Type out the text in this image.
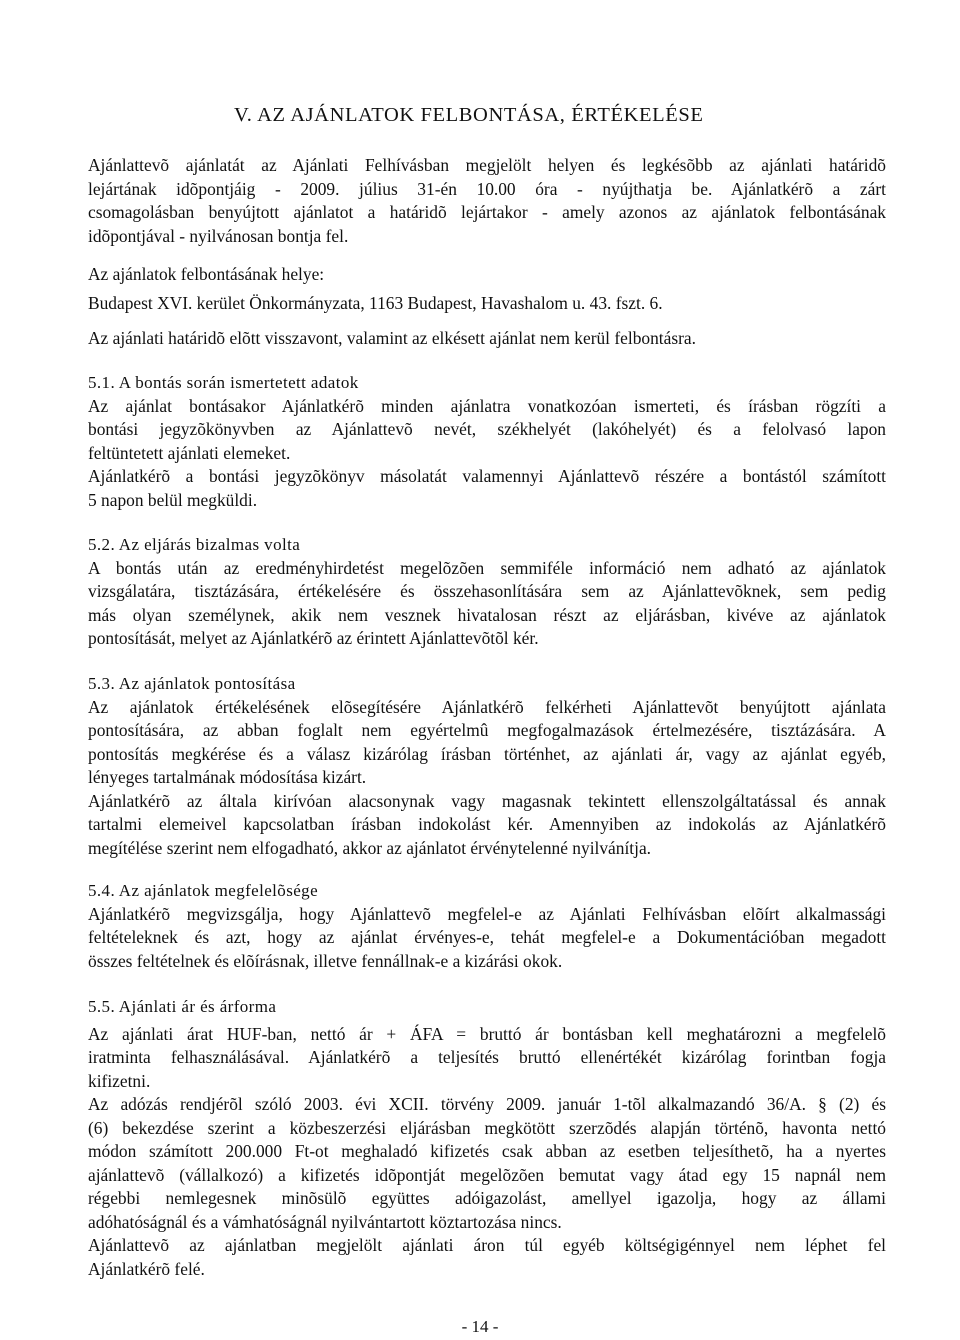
V. AZ AJÁNLATOK FELBONTÁSA, ÉRTÉKELÉSE
Ajánlattevõ ajánlatát az Ajánlati Felhívásban megjelölt helyen és legkésõbb az ajánlati határidõ
lejártának idõpontjáig - 2009. július 31-én 10.00 óra - nyújthatja be. Ajánlatkérõ a zárt
csomagolásban benyújtott ajánlatot a határidõ lejártakor - amely azonos az ajánlatok felbontásának
idõpontjával - nyilvánosan bontja fel.
Az ajánlatok felbontásának helye:
Budapest XVI. kerület Önkormányzata, 1163 Budapest, Havashalom u. 43. fszt. 6.
Az ajánlati határidõ elõtt visszavont, valamint az elkésett ajánlat nem kerül felbontásra.
5.1. A bontás során ismertetett adatok
Az ajánlat bontásakor Ajánlatkérõ minden ajánlatra vonatkozóan ismerteti, és írásban rögzíti a
bontási jegyzõkönyvben az Ajánlattevõ nevét, székhelyét (lakóhelyét) és a felolvasó lapon
feltüntetett ajánlati elemeket.
Ajánlatkérõ a bontási jegyzõkönyv másolatát valamennyi Ajánlattevõ részére a bontástól számított
5 napon belül megküldi.
5.2. Az eljárás bizalmas volta
A bontás után az eredményhirdetést megelõzõen semmiféle információ nem adható az ajánlatok
vizsgálatára, tisztázására, értékelésére és összehasonlítására sem az Ajánlattevõknek, sem pedig
más olyan személynek, akik nem vesznek hivatalosan részt az eljárásban, kivéve az ajánlatok
pontosítását, melyet az Ajánlatkérõ az érintett Ajánlattevõtõl kér.
5.3. Az ajánlatok pontosítása
Az ajánlatok értékelésének elõsegítésére Ajánlatkérõ felkérheti Ajánlattevõt benyújtott ajánlata
pontosítására, az abban foglalt nem egyértelmû megfogalmazások értelmezésére, tisztázására. A
pontosítás megkérése és a válasz kizárólag írásban történhet, az ajánlati ár, vagy az ajánlat egyéb,
lényeges tartalmának módosítása kizárt.
Ajánlatkérõ az általa kirívóan alacsonynak vagy magasnak tekintett ellenszolgáltatással és annak
tartalmi elemeivel kapcsolatban írásban indokolást kér. Amennyiben az indokolás az Ajánlatkérõ
megítélése szerint nem elfogadható, akkor az ajánlatot érvénytelenné nyilvánítja.
5.4. Az ajánlatok megfelelõsége
Ajánlatkérõ megvizsgálja, hogy Ajánlattevõ megfelel-e az Ajánlati Felhívásban elõírt alkalmassági
feltételeknek és azt, hogy az ajánlat érvényes-e, tehát megfelel-e a Dokumentációban megadott
összes feltételnek és elõírásnak, illetve fennállnak-e a kizárási okok.
5.5. Ajánlati ár és árforma
Az ajánlati árat HUF-ban, nettó ár + ÁFA = bruttó ár bontásban kell meghatározni a megfelelõ
iratminta felhasználásával. Ajánlatkérõ a teljesítés bruttó ellenértékét kizárólag forintban fogja
kifizetni.
Az adózás rendjérõl szóló 2003. évi XCII. törvény 2009. január 1-tõl alkalmazandó 36/A. § (2) és
(6) bekezdése szerint a közbeszerzési eljárásban megkötött szerzõdés alapján történõ, havonta nettó
módon számított 200.000 Ft-ot meghaladó kifizetés csak abban az esetben teljesíthetõ, ha a nyertes
ajánlattevõ (vállalkozó) a kifizetés idõpontját megelõzõen bemutat vagy átad egy 15 napnál nem
régebbi nemlegesnek minõsülõ együttes adóigazolást, amellyel igazolja, hogy az állami
adóhatóságnál és a vámhatóságnál nyilvántartott köztartozása nincs.
Ajánlattevõ az ajánlatban megjelölt ajánlati áron túl egyéb költségigénnyel nem léphet fel
Ajánlatkérõ felé.
- 14 -
